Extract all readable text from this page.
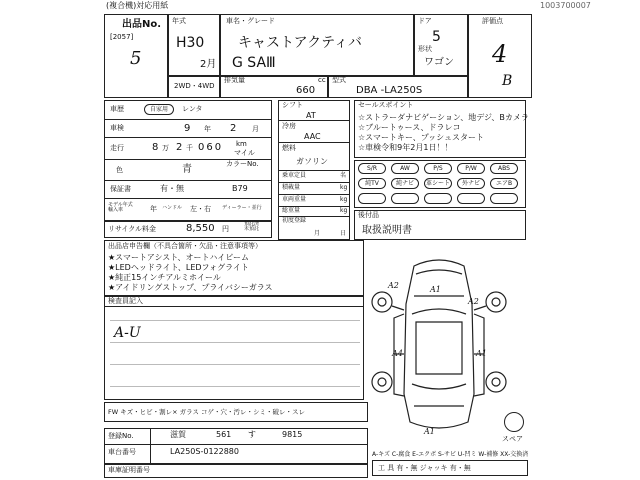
(複合機)対応用紙	1003700007
出品No.
[2057]
5
年式
H30
2月
車名・グレード
キャストアクティバ
G SAⅢ
ドア
5
形状
ワゴン
評価点
4
B
2WD・4WD
排気量	cc
660
型式
DBA -LA250S
車歴	自家用	レンタ
車検	9 年 2 月
走行	8 万 2 千 060 km
マイル
色	青	カラーNo.
保証書	有・無	B79
モデル年式
輸入車	年 ハンドル 左・右 ディーラー・並行
リサイクル料金	8,550 円
預託済
未預託
シフト
AT
冷房
AAC
燃料
ガソリン
乗車定員	名
積載量	kg
車両重量	kg
総重量	kg
初度登録
月	日
セールスポイント
☆ストラーダナビゲーション、地デジ、Bカメラ
☆ブルートゥース、ドラレコ
☆スマートキー、プッシュスタート
☆車検令和9年2月1日！！
S/R	AW	P/S	P/W	ABS
純TV	純ナビ	革シート	外ナビ	エアB
後付品
取扱説明書
出品店申告欄（不具合箇所・欠品・注意事項等）
★スマートアシスト、オートハイビーム
★LEDヘッドライト、LEDフォグライト
★純正15インチアルミホイール
★アイドリングストップ、プライバシーガラス
検査員記入
A-U
A2	A1
A2
A4	A1
A1
スペア
FW キズ・ヒビ・割レ× ガラス コゲ・穴・汚レ・シミ・破レ・スレ
登録No.	滋賀	561 す	9815
車台番号	LA250S-0122880
車庫証明番号
A-キズ C-腐食 E-エクボ S-サビ U-凹ミ W-補修 XX-交換済
工 具 有・無 ジャッキ 有・無
